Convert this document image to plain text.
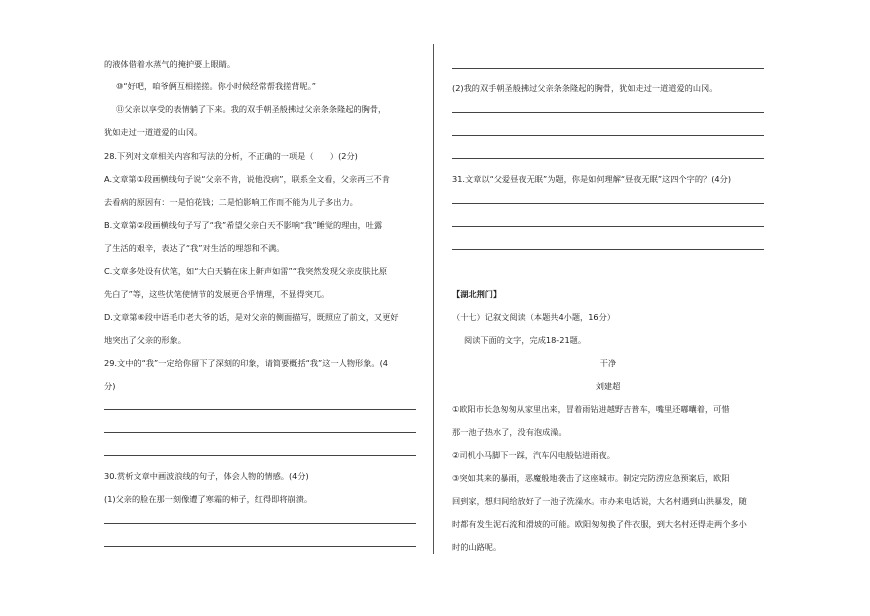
的液体借着水蒸气的掩护要上眼睛。
⑩“好吧，咱爷俩互相搓搓。你小时候经常帮我搓背呢。”
⑪父亲以享受的表情躺了下来。我的双手朝圣般拂过父亲条条隆起的胸骨，
犹如走过一道道爱的山冈。
28.下列对文章相关内容和写法的分析，不正确的一项是（　　）(2分)
A.文章第①段画横线句子说“父亲不肯，说他没病”，联系全文看，父亲再三不肯
去看病的原因有：一是怕花钱；二是怕影响工作而不能为儿子多出力。
B.文章第②段画横线句子写了“我”希望父亲白天不影响“我”睡觉的理由，吐露
了生活的艰辛，表达了“我”对生活的埋怨和不满。
C.文章多处设有伏笔，如“大白天躺在床上鼾声如雷”“我突然发现父亲皮肤比原
先白了”等，这些伏笔使情节的发展更合乎情理，不显得突兀。
D.文章第⑥段中语毛巾老大爷的话，是对父亲的侧面描写，既照应了前文，又更好
地突出了父亲的形象。
29.文中的“我”一定给你留下了深刻的印象，请简要概括“我”这一人物形象。(4
分)
30.赏析文章中画波浪线的句子，体会人物的情感。(4分)
(1)父亲的脸在那一刻像遭了寒霜的柿子，红得即将崩溃。
(2)我的双手朝圣般拂过父亲条条隆起的胸骨，犹如走过一道道爱的山冈。
31.文章以“父爱昼夜无眠”为题，你是如何理解“昼夜无眠”这四个字的？(4分)
【湖北荆门】
（十七）记叙文阅读（本题共4小题，16分）
阅读下面的文字，完成18-21题。
干净
刘建超
①欧阳市长急匆匆从家里出来，冒着雨钻进越野吉普车，嘴里还嘟囔着，可惜
那一池子热水了，没有泡成澡。
②司机小马脚下一踩，汽车闪电般钻进雨夜。
③突如其来的暴雨，恶魔般地袭击了这座城市。制定完防涝应急预案后，欧阳
回到家，想归间给放好了一池子洗澡水。市办来电话说，大名村遇到山洪暴发，随
时都有发生泥石流和滑坡的可能。欧阳匆匆换了件衣服，到大名村还得走两个多小
时的山路呢。
